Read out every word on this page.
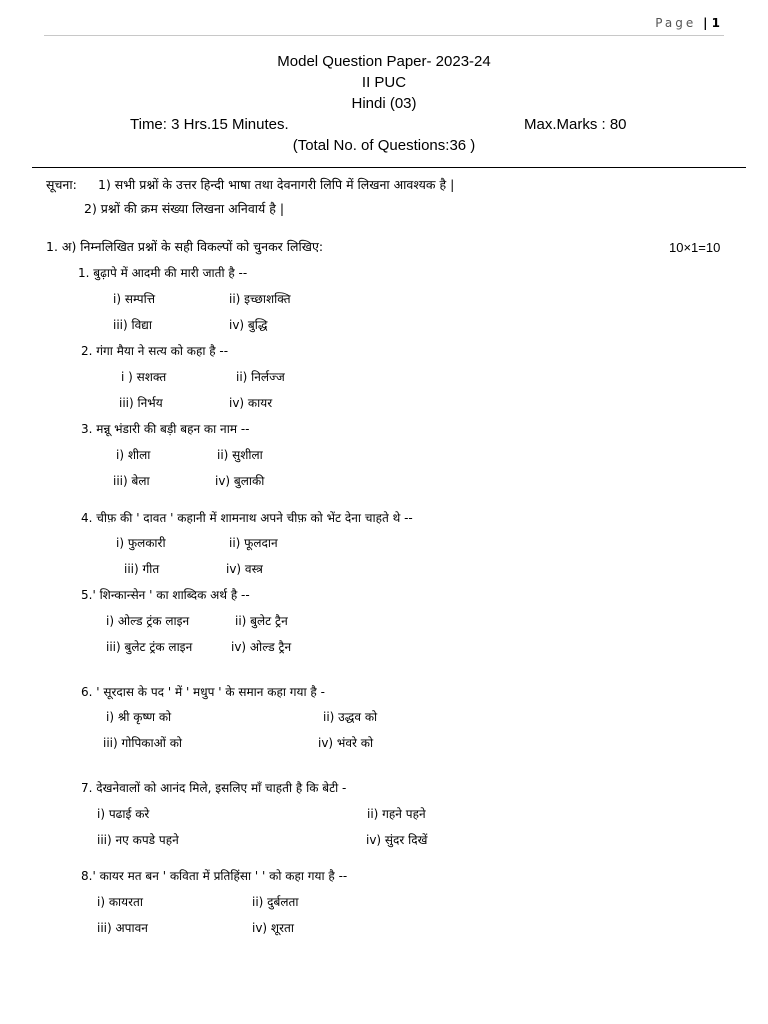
Page | 1
Model Question Paper- 2023-24
II PUC
Hindi (03)
Time: 3 Hrs.15 Minutes.	Max.Marks : 80
(Total No. of Questions:36 )
सूचना: 1) सभी प्रश्नों के उत्तर हिन्दी भाषा तथा देवनागरी लिपि में लिखना आवश्यक है |
2) प्रश्नों की क्रम संख्या लिखना अनिवार्य है |
1. अ) निम्नलिखित प्रश्नों के सही विकल्पों को चुनकर लिखिए:	10×1=10
1. बुढ़ापे में आदमी की मारी जाती है --
i) सम्पत्ति	ii) इच्छाशक्ति
iii) विद्या	iv) बुद्धि
2. गंगा मैया ने सत्य को कहा है --
i ) सशक्त	ii) निर्लज्ज
iii) निर्भय	iv) कायर
3. मन्नू भंडारी की बड़ी बहन का नाम --
i) शीला	ii) सुशीला
iii) बेला	iv) बुलाकी
4. चीफ़ की ' दावत ' कहानी में शामनाथ अपने चीफ़ को भेंट देना चाहते थे --
i) फुलकारी	ii) फूलदान
iii) गीत	iv) वस्त्र
5.' शिन्कान्सेन ' का शाब्दिक अर्थ है --
i) ओल्ड ट्रंक लाइन	ii) बुलेट ट्रैन
iii) बुलेट ट्रंक लाइन	iv) ओल्ड ट्रैन
6. ' सूरदास के पद ' में ' मधुप ' के समान कहा गया है -
i) श्री कृष्ण को	ii) उद्धव को
iii) गोपिकाओं को	iv) भंवरे को
7. देखनेवालों को आनंद मिले, इसलिए माँ चाहती है कि बेटी -
i) पढाई करे	ii) गहने पहने
iii) नए कपडे पहने	iv) सुंदर दिखें
8.' कायर मत बन ' कविता में प्रतिहिंसा ' ' को कहा गया है --
i) कायरता	ii) दुर्बलता
iii) अपावन	iv) शूरता
